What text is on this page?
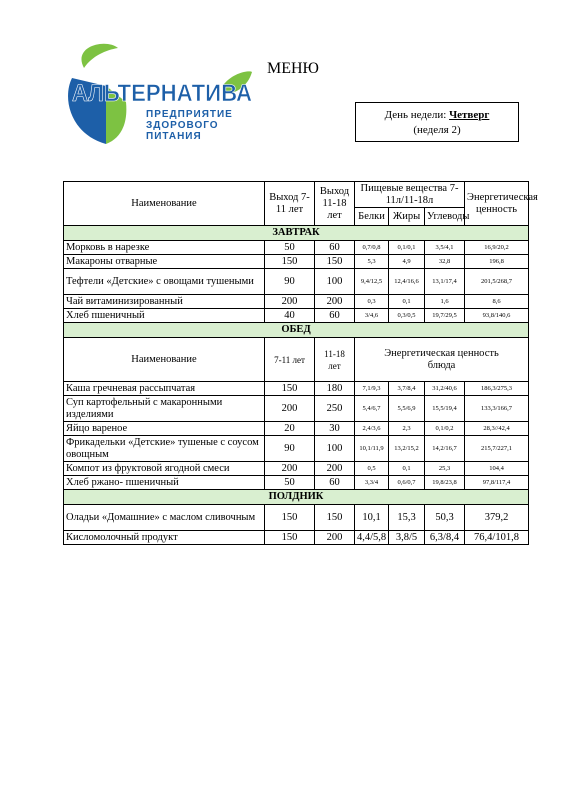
АЛЬТЕРНАТИВА
ПРЕДПРИЯТИЕ
ЗДОРОВОГО
ПИТАНИЯ
МЕНЮ
День недели: Четверг
(неделя 2)
Наименование	Выход 7-11 лет	Выход 11-18 лет	Пищевые вещества 7-11л/11-18л			Энергетическая ценность
			Белки	Жиры	Углеводы	
ЗАВТРАК						
Морковь в нарезке	50	60	0,7/0,8	0,1/0,1	3,5/4,1	16,9/20,2
Макароны отварные	150	150	5,3	4,9	32,8	196,8
Тефтели «Детские» с овощами тушеными	90	100	9,4/12,5	12,4/16,6	13,1/17,4	201,5/268,7
Чай витаминизированный	200	200	0,3	0,1	1,6	8,6
Хлеб пшеничный	40	60	3/4,6	0,3/0,5	19,7/29,5	93,8/140,6
ОБЕД						
Наименование	7-11 лет	11-18 лет	Энергетическая ценность блюда			
Каша гречневая рассыпчатая	150	180	7,1/9,3	3,7/8,4	31,2/40,6	186,3/275,3
Суп картофельный с макаронными изделиями	200	250	5,4/6,7	5,5/6,9	15,5/19,4	133,3/166,7
Яйцо вареное	20	30	2,4/3,6	2,3	0,1/0,2	28,3//42,4
Фрикадельки «Детские» тушеные с соусом овощным	90	100	10,1/11,9	13,2/15,2	14,2/16,7	215,7/227,1
Компот из фруктовой ягодной смеси	200	200	0,5	0,1	25,3	104,4
Хлеб ржано- пшеничный	50	60	3,3/4	0,6/0,7	19,8/23,8	97,8/117,4
ПОЛДНИК						
Оладьи «Домашние» с маслом сливочным	150	150	10,1	15,3	50,3	379,2
Кисломолочный продукт	150	200	4,4/5,8	3,8/5	6,3/8,4	76,4/101,8
